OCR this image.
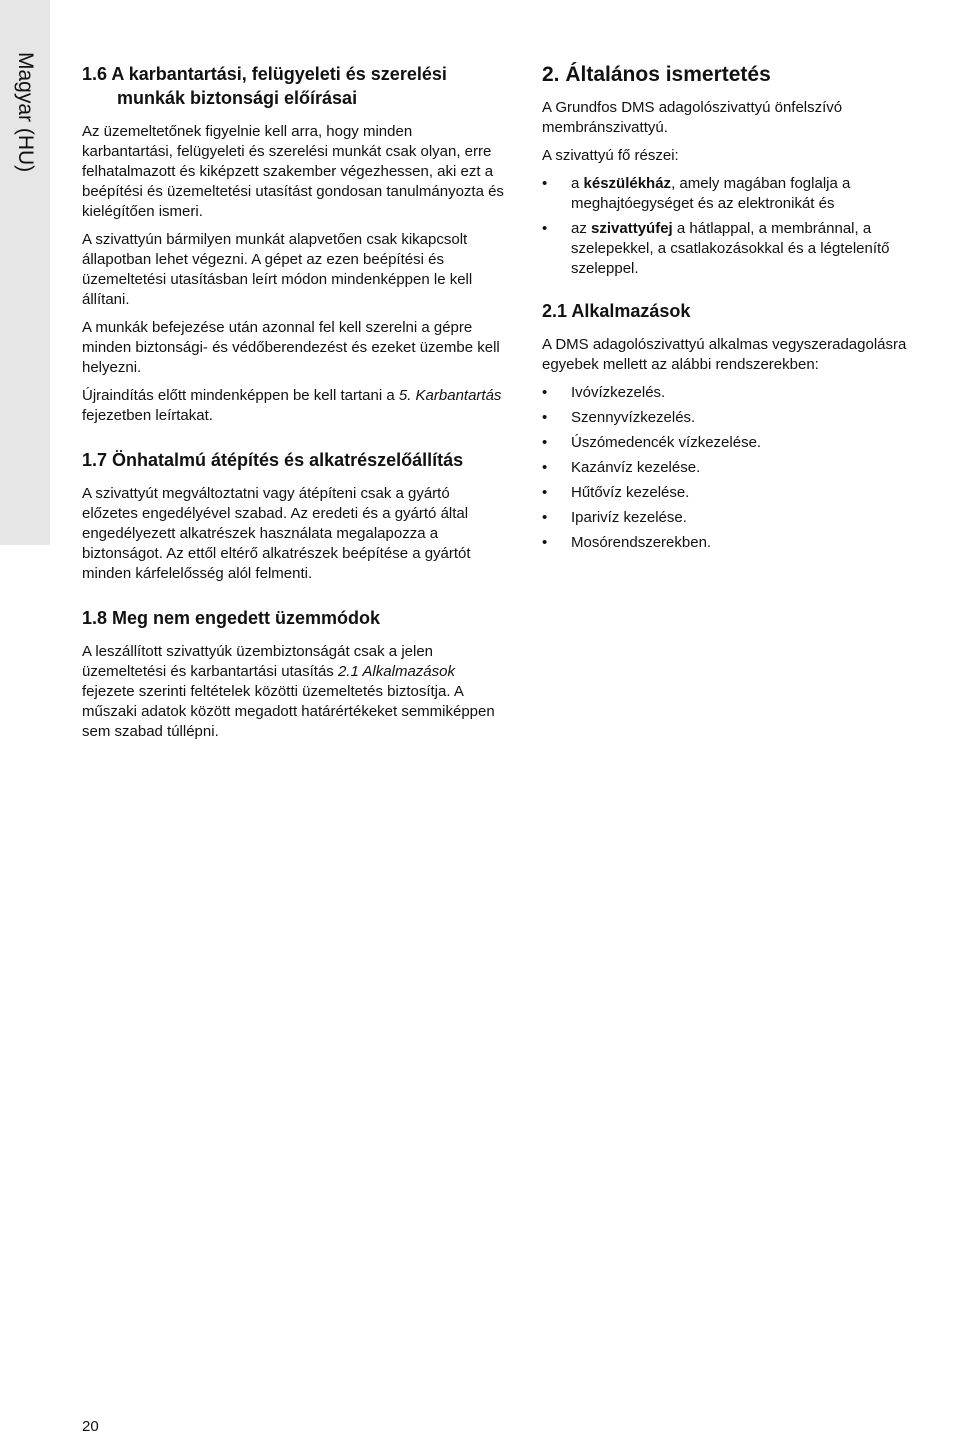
Magyar (HU)	1.6 A karbantartási, felügyeleti és szerelési munkák biztonsági előírásai

Az üzemeltetőnek figyelnie kell arra, hogy minden karbantartási, felügyeleti és szerelési munkát csak olyan, erre felhatalmazott és kiképzett szakember végezhessen, aki ezt a beépítési és üzemeltetési utasítást gondosan tanulmányozta és kielégítően ismeri.

A szivattyún bármilyen munkát alapvetően csak kikapcsolt állapotban lehet végezni. A gépet az ezen beépítési és üzemeltetési utasításban leírt módon mindenképpen le kell állítani.

A munkák befejezése után azonnal fel kell szerelni a gépre minden biztonsági- és védőberendezést és ezeket üzembe kell helyezni.

Újraindítás előtt mindenképpen be kell tartani a 5. Karbantartás fejezetben leírtakat.

1.7 Önhatalmú átépítés és alkatrészelőállítás

A szivattyút megváltoztatni vagy átépíteni csak a gyártó előzetes engedélyével szabad. Az eredeti és a gyártó által engedélyezett alkatrészek használata megalapozza a biztonságot. Az ettől eltérő alkatrészek beépítése a gyártót minden kárfelelősség alól felmenti.

1.8 Meg nem engedett üzemmódok

A leszállított szivattyúk üzembiztonságát csak a jelen üzemeltetési és karbantartási utasítás 2.1 Alkalmazások fejezete szerinti feltételek közötti üzemeltetés biztosítja. A műszaki adatok között megadott határértékeket semmiképpen sem szabad túllépni.

2. Általános ismertetés

A Grundfos DMS adagolószivattyú önfelszívó membránszivattyú.

A szivattyú fő részei:

• a készülékház, amely magában foglalja a meghajtóegységet és az elektronikát és
• az szivattyúfej a hátlappal, a membránnal, a szelepekkel, a csatlakozásokkal és a légtelenítő szeleppel.
2.1 Alkalmazások

A DMS adagolószivattyú alkalmas vegyszeradagolásra egyebek mellett az alábbi rendszerekben:

• Ivóvízkezelés.
• Szennyvízkezelés.
• Úszómedencék vízkezelése.
• Kazánvíz kezelése.
• Hűtővíz kezelése.
• Iparivíz kezelése.
• Mosórendszerekben.
20
